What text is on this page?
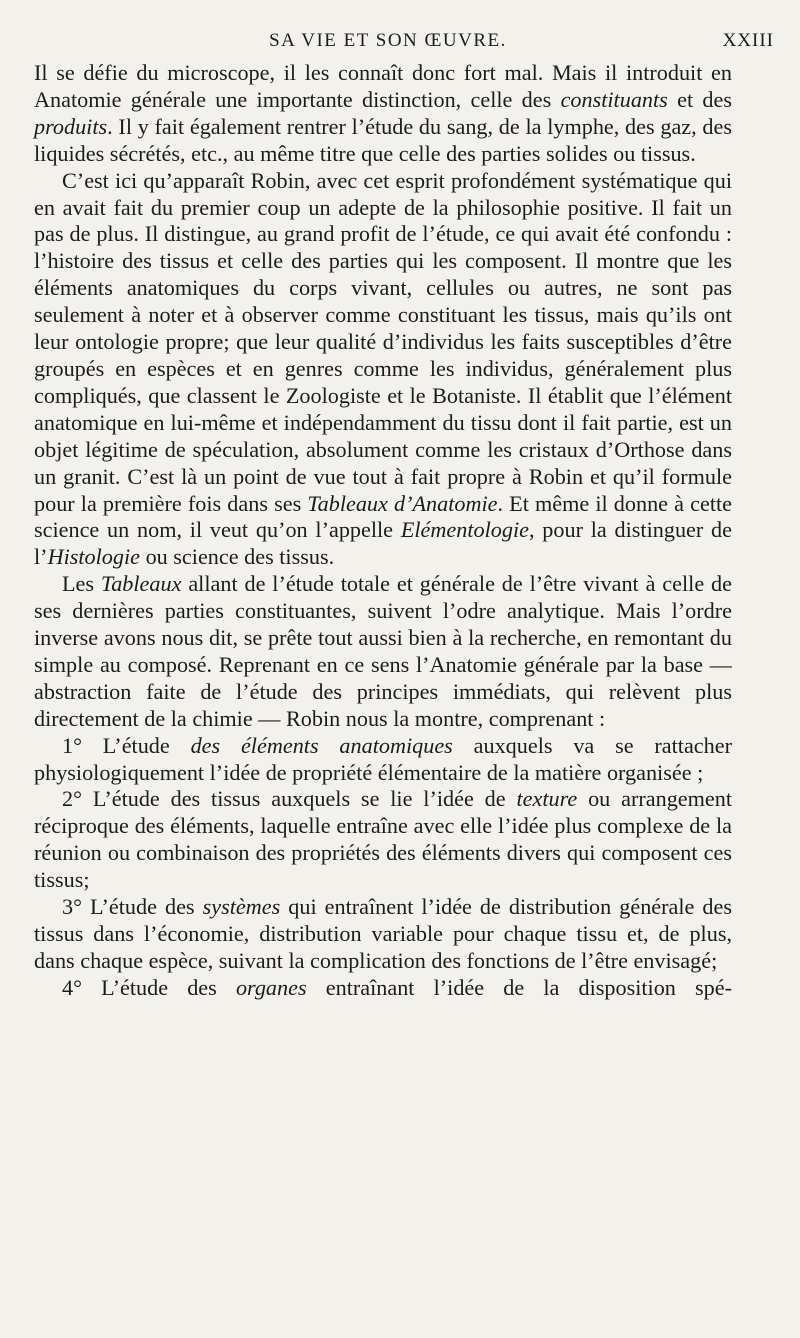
SA VIE ET SON ŒUVRE.	XXIII

Il se défie du microscope, il les connaît donc fort mal. Mais il introduit en Anatomie générale une importante distinction, celle des constituants et des produits. Il y fait également rentrer l’étude du sang, de la lymphe, des gaz, des liquides sécrétés, etc., au même titre que celle des parties solides ou tissus.

C’est ici qu’apparaît Robin, avec cet esprit profondément systématique qui en avait fait du premier coup un adepte de la philosophie positive. Il fait un pas de plus. Il distingue, au grand profit de l’étude, ce qui avait été confondu : l’histoire des tissus et celle des parties qui les composent. Il montre que les éléments anatomiques du corps vivant, cellules ou autres, ne sont pas seulement à noter et à observer comme constituant les tissus, mais qu’ils ont leur ontologie propre; que leur qualité d’individus les faits susceptibles d’être groupés en espèces et en genres comme les individus, généralement plus compliqués, que classent le Zoologiste et le Botaniste. Il établit que l’élément anatomique en lui-même et indépendamment du tissu dont il fait partie, est un objet légitime de spéculation, absolument comme les cristaux d’Orthose dans un granit. C’est là un point de vue tout à fait propre à Robin et qu’il formule pour la première fois dans ses Tableaux d’Anatomie. Et même il donne à cette science un nom, il veut qu’on l’appelle Elémentologie, pour la distinguer de l’Histologie ou science des tissus.

Les Tableaux allant de l’étude totale et générale de l’être vivant à celle de ses dernières parties constituantes, suivent l’odre analytique. Mais l’ordre inverse avons nous dit, se prête tout aussi bien à la recherche, en remontant du simple au composé. Reprenant en ce sens l’Anatomie générale par la base — abstraction faite de l’étude des principes immédiats, qui relèvent plus directement de la chimie — Robin nous la montre, comprenant :

1° L’étude des éléments anatomiques auxquels va se rattacher physiologiquement l’idée de propriété élémentaire de la matière organisée ;

2° L’étude des tissus auxquels se lie l’idée de texture ou arrangement réciproque des éléments, laquelle entraîne avec elle l’idée plus complexe de la réunion ou combinaison des propriétés des éléments divers qui composent ces tissus;

3° L’étude des systèmes qui entraînent l’idée de distribution générale des tissus dans l’économie, distribution variable pour chaque tissu et, de plus, dans chaque espèce, suivant la complication des fonctions de l’être envisagé;

4° L’étude des organes entraînant l’idée de la disposition spé-
